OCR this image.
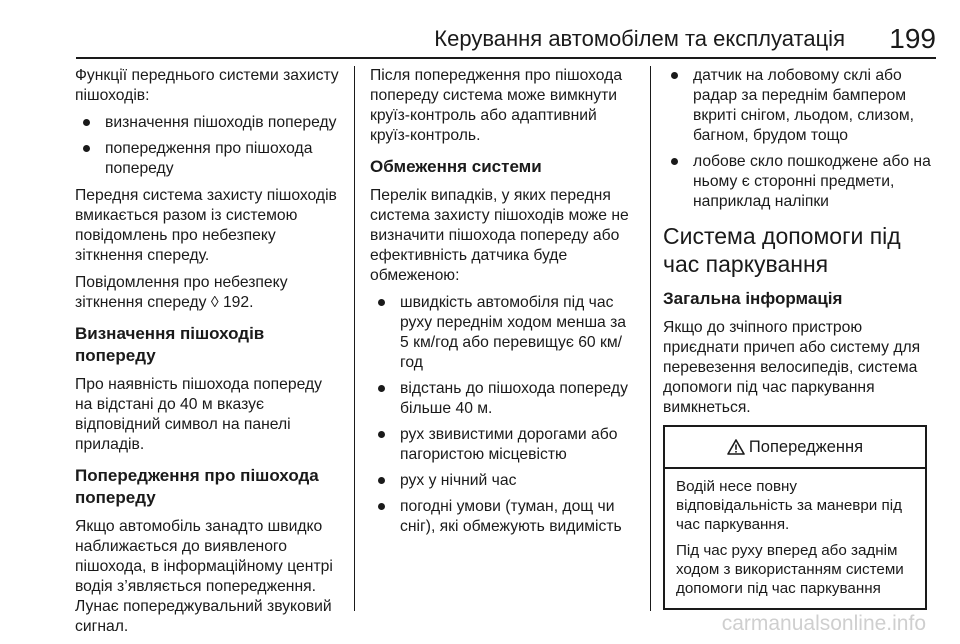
Керування автомобілем та експлуатація 199

Функції переднього системи захисту пішоходів:

визначення пішоходів попереду
попередження про пішохода попереду

Передня система захисту пішоходів вмикається разом із системою повідомлень про небезпеку зіткнення спереду.

Повідомлення про небезпеку зіткнення спереду ◊ 192.

Визначення пішоходів попереду

Про наявність пішохода попереду на відстані до 40 м вказує відповідний символ на панелі приладів.

Попередження про пішохода попереду

Якщо автомобіль занадто швидко наближається до виявленого пішохода, в інформаційному центрі водія з’являється попередження. Лунає попереджувальний звуковий сигнал.

Після попередження про пішохода попереду система може вимкнути круїз-контроль або адаптивний круїз-контроль.

Обмеження системи

Перелік випадків, у яких передня система захисту пішоходів може не визначити пішохода попереду або ефективність датчика буде обмеженою:

швидкість автомобіля під час руху переднім ходом менша за 5 км/год або перевищує 60 км/год
відстань до пішохода попереду більше 40 м.
рух звивистими дорогами або пагористою місцевістю
рух у нічний час
погодні умови (туман, дощ чи сніг), які обмежують видимість
датчик на лобовому склі або радар за переднім бампером вкриті снігом, льодом, слизом, багном, брудом тощо
лобове скло пошкоджене або на ньому є сторонні предмети, наприклад наліпки
Система допомоги під час паркування
Загальна інформація

Якщо до зчіпного пристрою приєднати причеп або систему для перевезення велосипедів, система допомоги під час паркування вимкнеться.

Попередження

Водій несе повну відповідальність за маневри під час паркування.

Під час руху вперед або заднім ходом з використанням системи допомоги під час паркування

carmanualsonline.info
